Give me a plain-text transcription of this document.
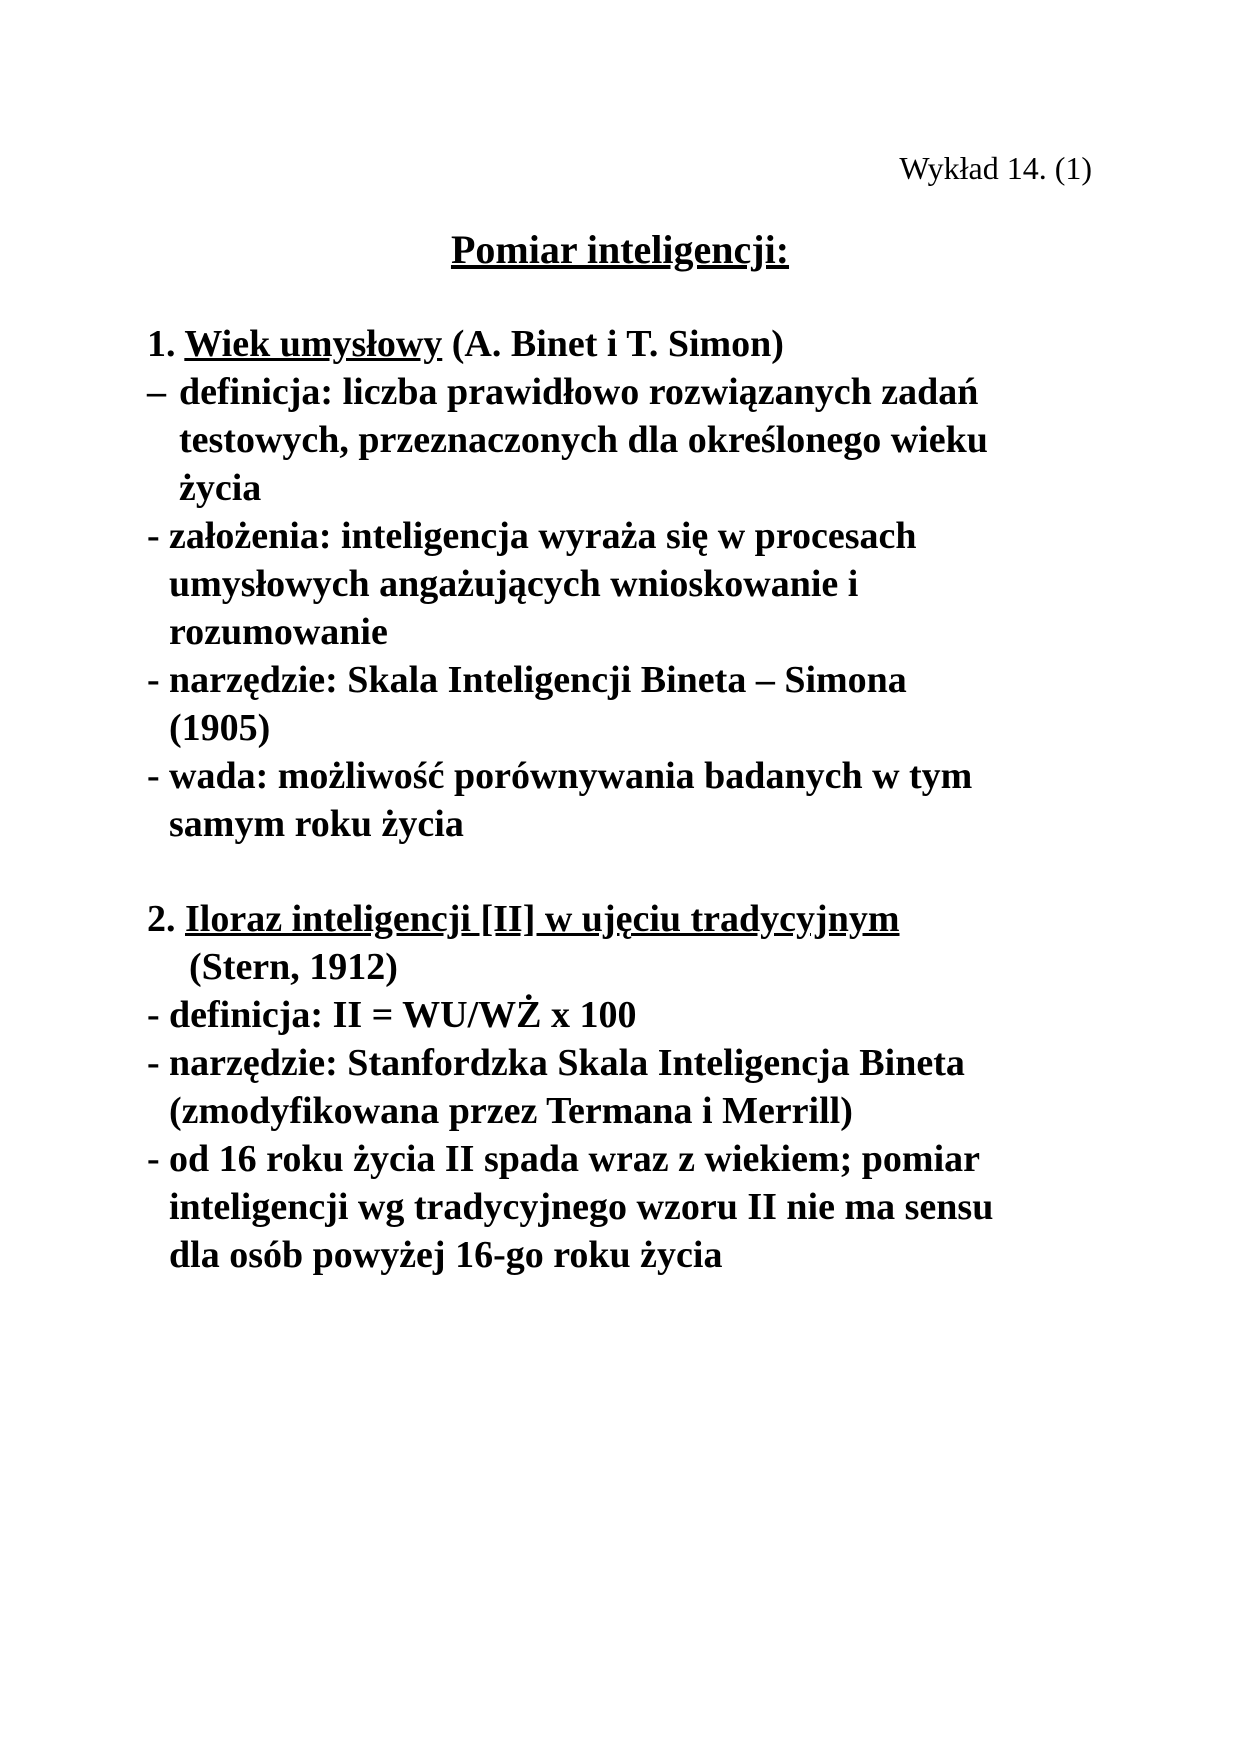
Wykład 14. (1)
Pomiar inteligencji:
1. Wiek umysłowy (A. Binet i T. Simon)
– definicja: liczba prawidłowo rozwiązanych zadań
testowych, przeznaczonych dla określonego wieku
życia
- założenia: inteligencja wyraża się w procesach
umysłowych angażujących wnioskowanie i
rozumowanie
- narzędzie: Skala Inteligencji Bineta – Simona
(1905)
- wada: możliwość porównywania badanych w tym
samym roku życia
2. Iloraz inteligencji [II] w ujęciu tradycyjnym
(Stern, 1912)
- definicja: II = WU/WŻ x 100
- narzędzie: Stanfordzka Skala Inteligencja Bineta
(zmodyfikowana przez Termana i Merrill)
- od 16 roku życia II spada wraz z wiekiem; pomiar
inteligencji wg tradycyjnego wzoru II nie ma sensu
dla osób powyżej 16-go roku życia
